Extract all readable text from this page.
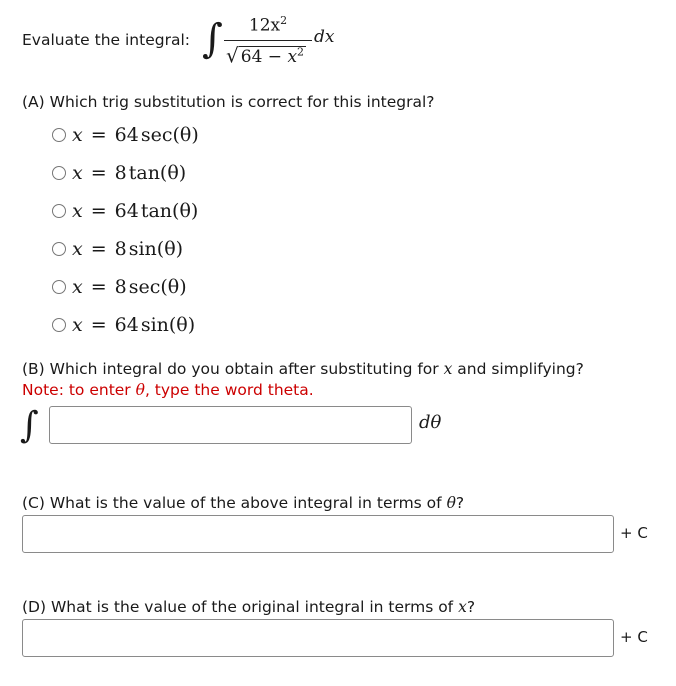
Evaluate the integral: ∫	$12x^2$
√ $64 - x^2$
dx
(A) Which trig substitution is correct for this integral?
x = 64 sec(θ)
x = 8 tan(θ)
x = 64 tan(θ)
x = 8 sin(θ)
x = 8 sec(θ)
x = 64 sin(θ)
(B) Which integral do you obtain after substituting for x and simplifying?
Note: to enter θ, type the word theta.
∫	dθ
(C) What is the value of the above integral in terms of θ?
+ C
(D) What is the value of the original integral in terms of x?
+ C
